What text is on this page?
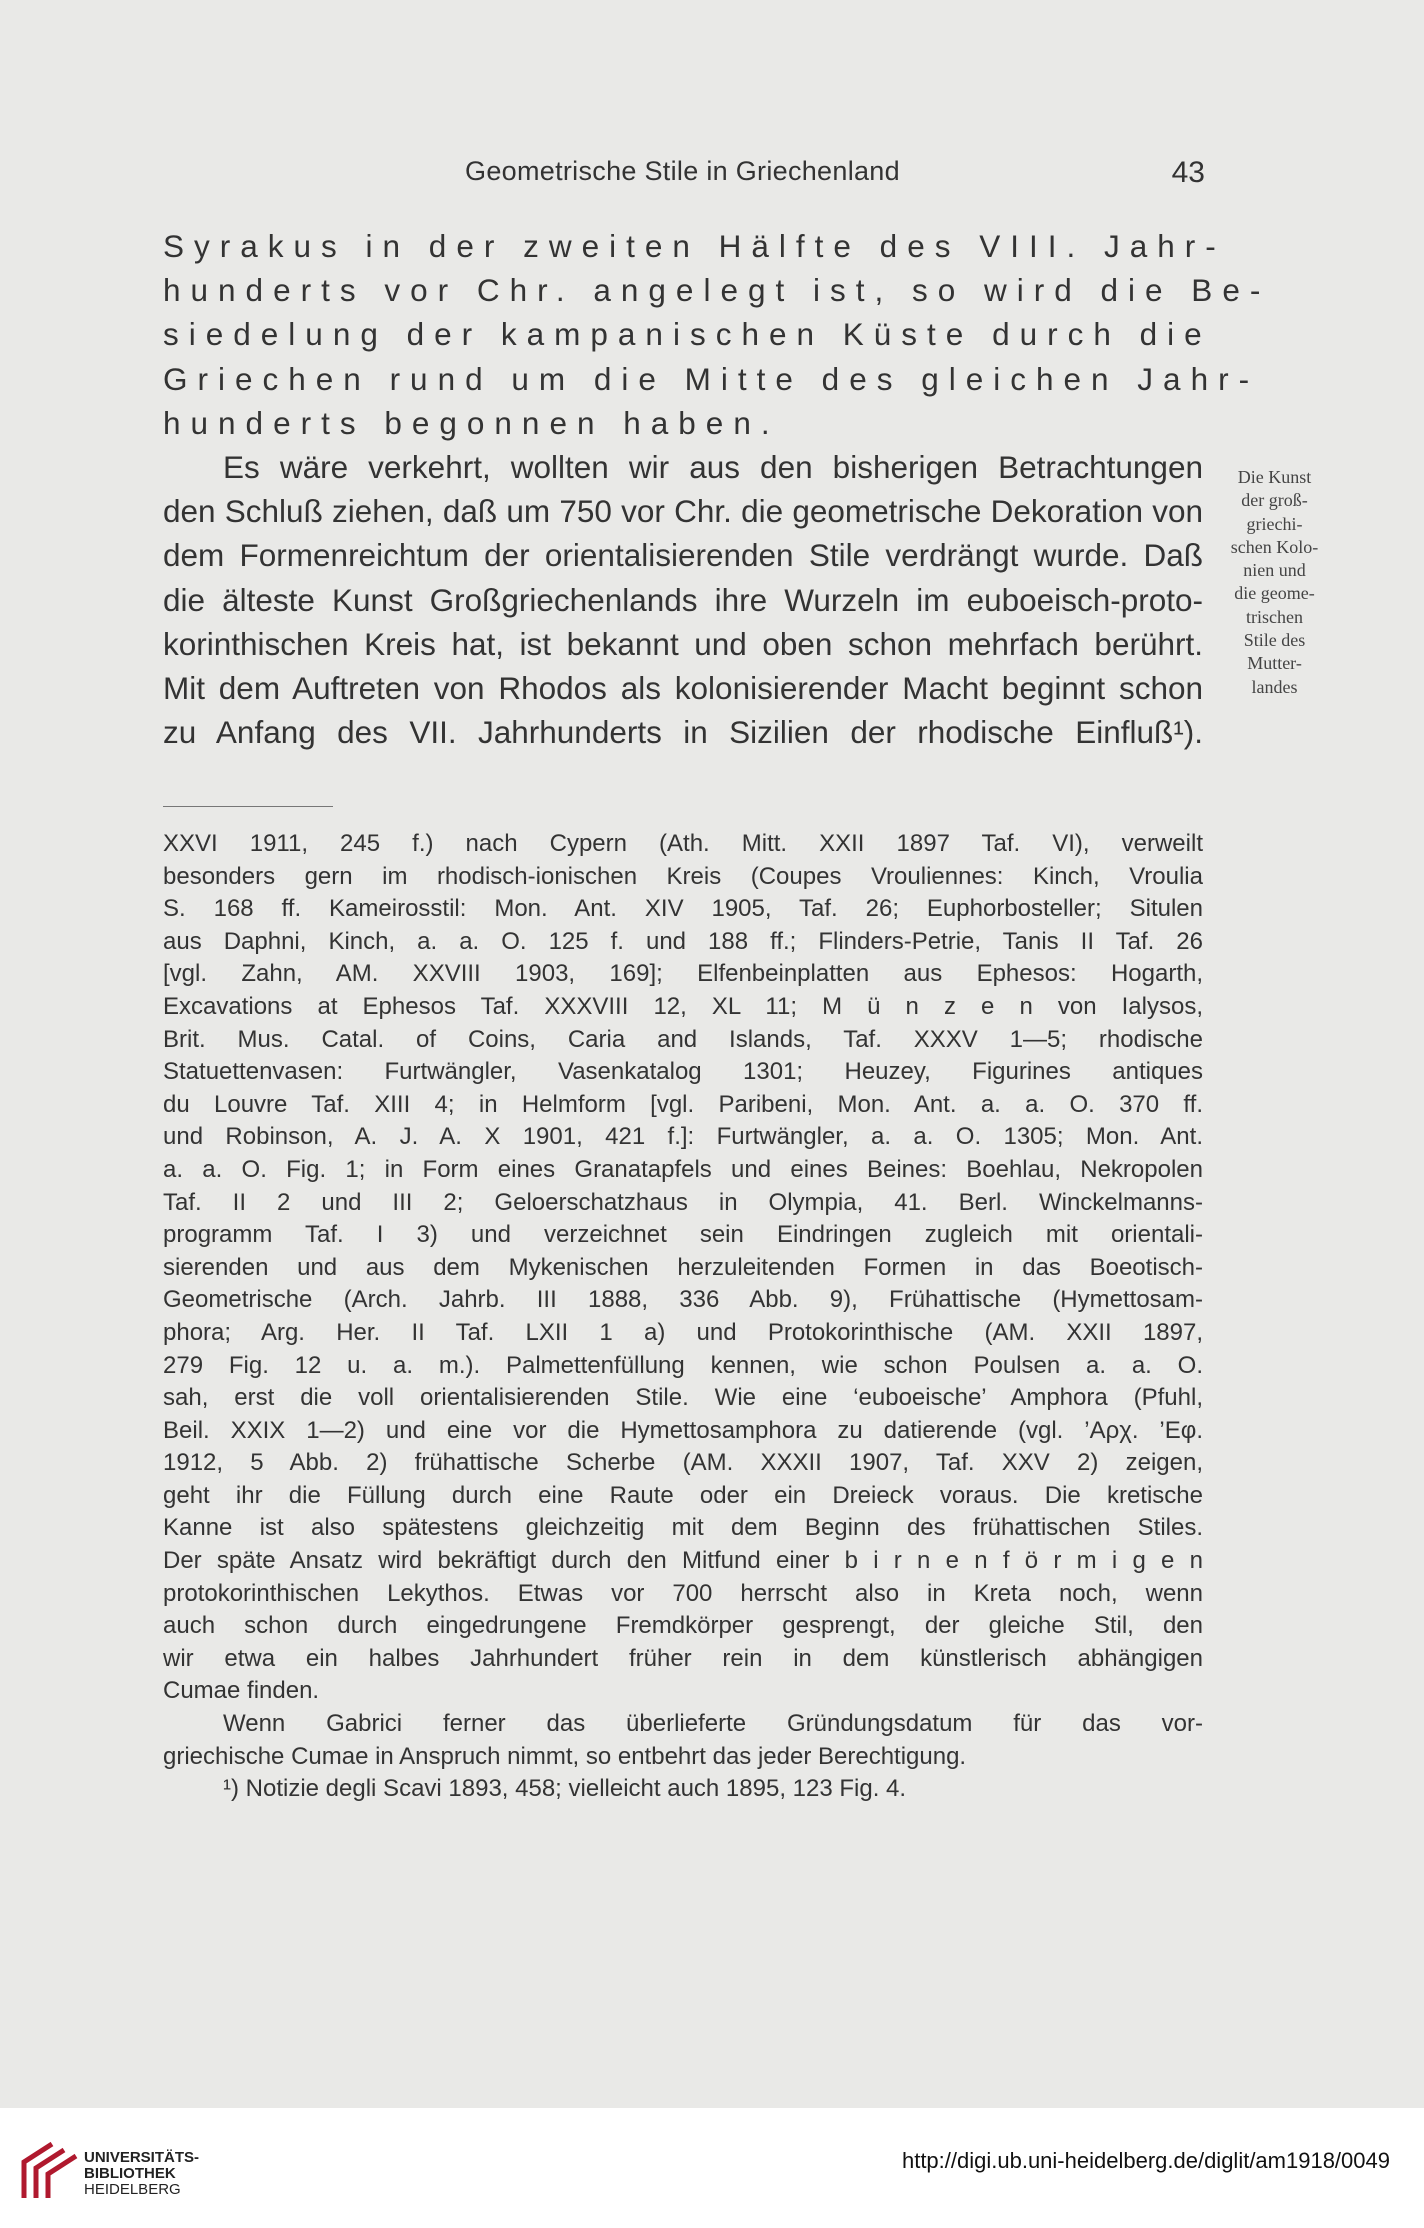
Geometrische Stile in Griechenland	43

Syrakus in der zweiten Hälfte des VIII. Jahr-
hunderts vor Chr. angelegt ist, so wird die Be-
siedelung der kampanischen Küste durch die
Griechen rund um die Mitte des gleichen Jahr-
hunderts begonnen haben.

Es wäre verkehrt, wollten wir aus den bisherigen Betrachtungen
den Schluß ziehen, daß um 750 vor Chr. die geometrische Dekoration von
dem Formenreichtum der orientalisierenden Stile verdrängt wurde. Daß
die älteste Kunst Großgriechenlands ihre Wurzeln im euboeisch-proto-
korinthischen Kreis hat, ist bekannt und oben schon mehrfach berührt.
Mit dem Auftreten von Rhodos als kolonisierender Macht beginnt schon
zu Anfang des VII. Jahrhunderts in Sizilien der rhodische Einfluß¹).

Die Kunst
der groß-
griechi-
schen Kolo-
nien und
die geome-
trischen
Stile des
Mutter-
landes
XXVI 1911, 245 f.) nach Cypern (Ath. Mitt. XXII 1897 Taf. VI), verweilt
besonders gern im rhodisch-ionischen Kreis (Coupes Vrouliennes: Kinch, Vroulia
S. 168 ff. Kameirosstil: Mon. Ant. XIV 1905, Taf. 26; Euphorbosteller; Situlen
aus Daphni, Kinch, a. a. O. 125 f. und 188 ff.; Flinders-Petrie, Tanis II Taf. 26
[vgl. Zahn, AM. XXVIII 1903, 169]; Elfenbeinplatten aus Ephesos: Hogarth,
Excavations at Ephesos Taf. XXXVIII 12, XL 11; M ü n z e n von Ialysos,
Brit. Mus. Catal. of Coins, Caria and Islands, Taf. XXXV 1—5; rhodische
Statuettenvasen: Furtwängler, Vasenkatalog 1301; Heuzey, Figurines antiques
du Louvre Taf. XIII 4; in Helmform [vgl. Paribeni, Mon. Ant. a. a. O. 370 ff.
und Robinson, A. J. A. X 1901, 421 f.]: Furtwängler, a. a. O. 1305; Mon. Ant.
a. a. O. Fig. 1; in Form eines Granatapfels und eines Beines: Boehlau, Nekropolen
Taf. II 2 und III 2; Geloerschatzhaus in Olympia, 41. Berl. Winckelmanns-
programm Taf. I 3) und verzeichnet sein Eindringen zugleich mit orientali-
sierenden und aus dem Mykenischen herzuleitenden Formen in das Boeotisch-
Geometrische (Arch. Jahrb. III 1888, 336 Abb. 9), Frühattische (Hymettosam-
phora; Arg. Her. II Taf. LXII 1 a) und Protokorinthische (AM. XXII 1897,
279 Fig. 12 u. a. m.). Palmettenfüllung kennen, wie schon Poulsen a. a. O.
sah, erst die voll orientalisierenden Stile. Wie eine ‘euboeische’ Amphora (Pfuhl,
Beil. XXIX 1—2) und eine vor die Hymettosamphora zu datierende (vgl. ’Αρχ. ’Εφ.
1912, 5 Abb. 2) frühattische Scherbe (AM. XXXII 1907, Taf. XXV 2) zeigen,
geht ihr die Füllung durch eine Raute oder ein Dreieck voraus. Die kretische
Kanne ist also spätestens gleichzeitig mit dem Beginn des frühattischen Stiles.
Der späte Ansatz wird bekräftigt durch den Mitfund einer b i r n e n f ö r m i g e n
protokorinthischen Lekythos. Etwas vor 700 herrscht also in Kreta noch, wenn
auch schon durch eingedrungene Fremdkörper gesprengt, der gleiche Stil, den
wir etwa ein halbes Jahrhundert früher rein in dem künstlerisch abhängigen
Cumae finden.
Wenn Gabrici ferner das überlieferte Gründungsdatum für das vor-
griechische Cumae in Anspruch nimmt, so entbehrt das jeder Berechtigung.
¹) Notizie degli Scavi 1893, 458; vielleicht auch 1895, 123 Fig. 4.
UNIVERSITÄTS-
BIBLIOTHEK
HEIDELBERG
http://digi.ub.uni-heidelberg.de/diglit/am1918/0049
